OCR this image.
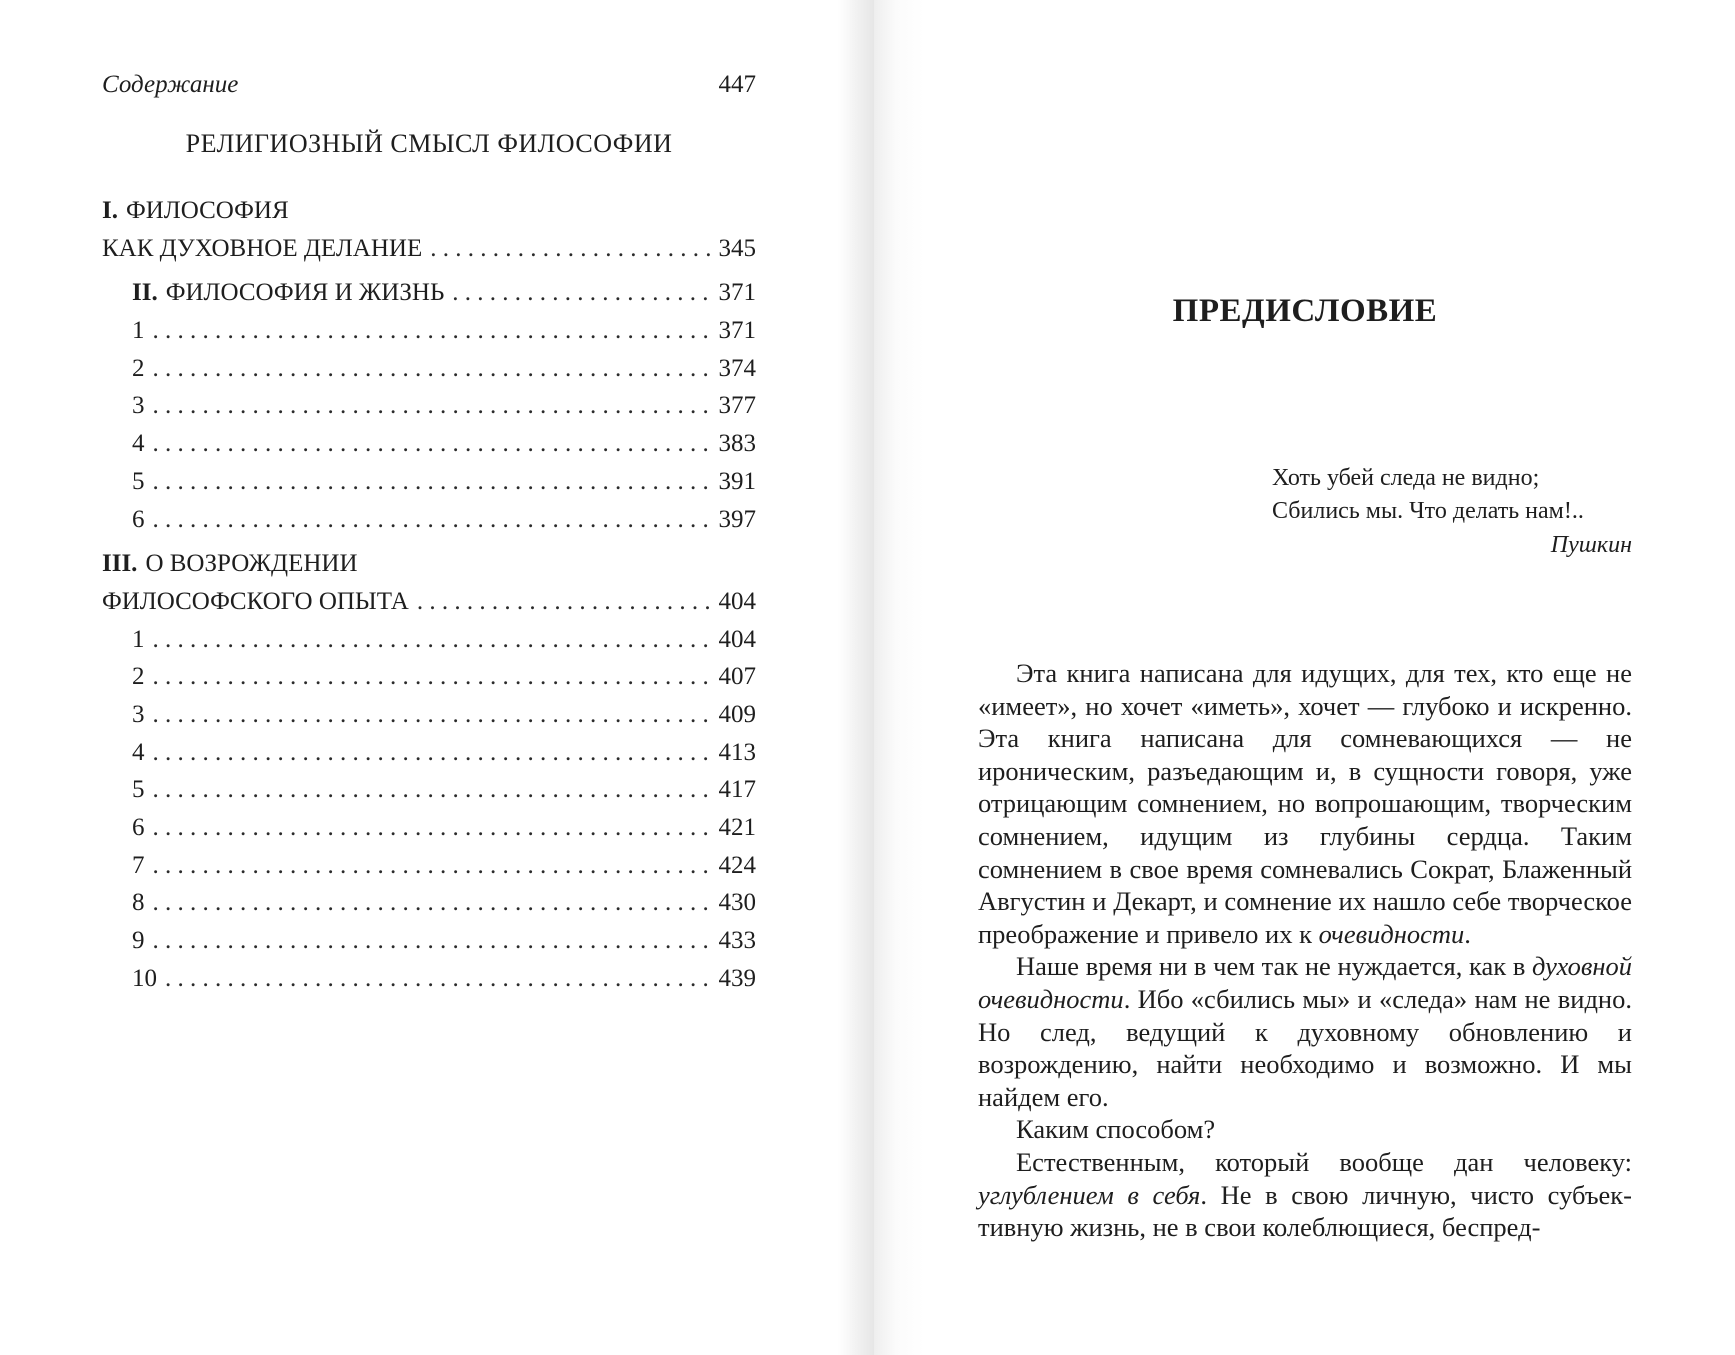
Содержание	447
РЕЛИГИОЗНЫЙ СМЫСЛ ФИЛОСОФИИ
I. ФИЛОСОФИЯ
КАК ДУХОВНОЕ ДЕЛАНИЕ . . .	345
II. ФИЛОСОФИЯ И ЖИЗНЬ . . .	371
1 . . .	371
2 . . .	374
3 . . .	377
4 . . .	383
5 . . .	391
6 . . .	397
III. О ВОЗРОЖДЕНИИ
ФИЛОСОФСКОГО ОПЫТА . . .	404
1 . . .	404
2 . . .	407
3 . . .	409
4 . . .	413
5 . . .	417
6 . . .	421
7 . . .	424
8 . . .	430
9 . . .	433
10 . . .	439
ПРЕДИСЛОВИЕ
Хоть убей следа не видно;
Сбились мы. Что делать нам!..
Пушкин

Эта книга написана для идущих, для тех, кто еще не «имеет», но хочет «иметь», хочет — глубоко и искренно. Эта книга написана для сомневающихся — не ироническим, разъедающим и, в сущности говоря, уже отрицающим сомнением, но вопрошающим, творческим сомнением, идущим из глубины сердца. Таким сомнением в свое время сомневались Сократ, Блаженный Августин и Декарт, и сомнение их нашло себе творческое преображение и привело их к очевидности.

Наше время ни в чем так не нуждается, как в духовной очевидности. Ибо «сбились мы» и «следа» нам не видно. Но след, ведущий к духовному обновлению и возрождению, найти необходимо и возможно. И мы найдем его.

Каким способом?

Естественным, который вообще дан человеку: углублением в себя. Не в свою личную, чисто субъективную жизнь, не в свои колеблющиеся, беспред-
